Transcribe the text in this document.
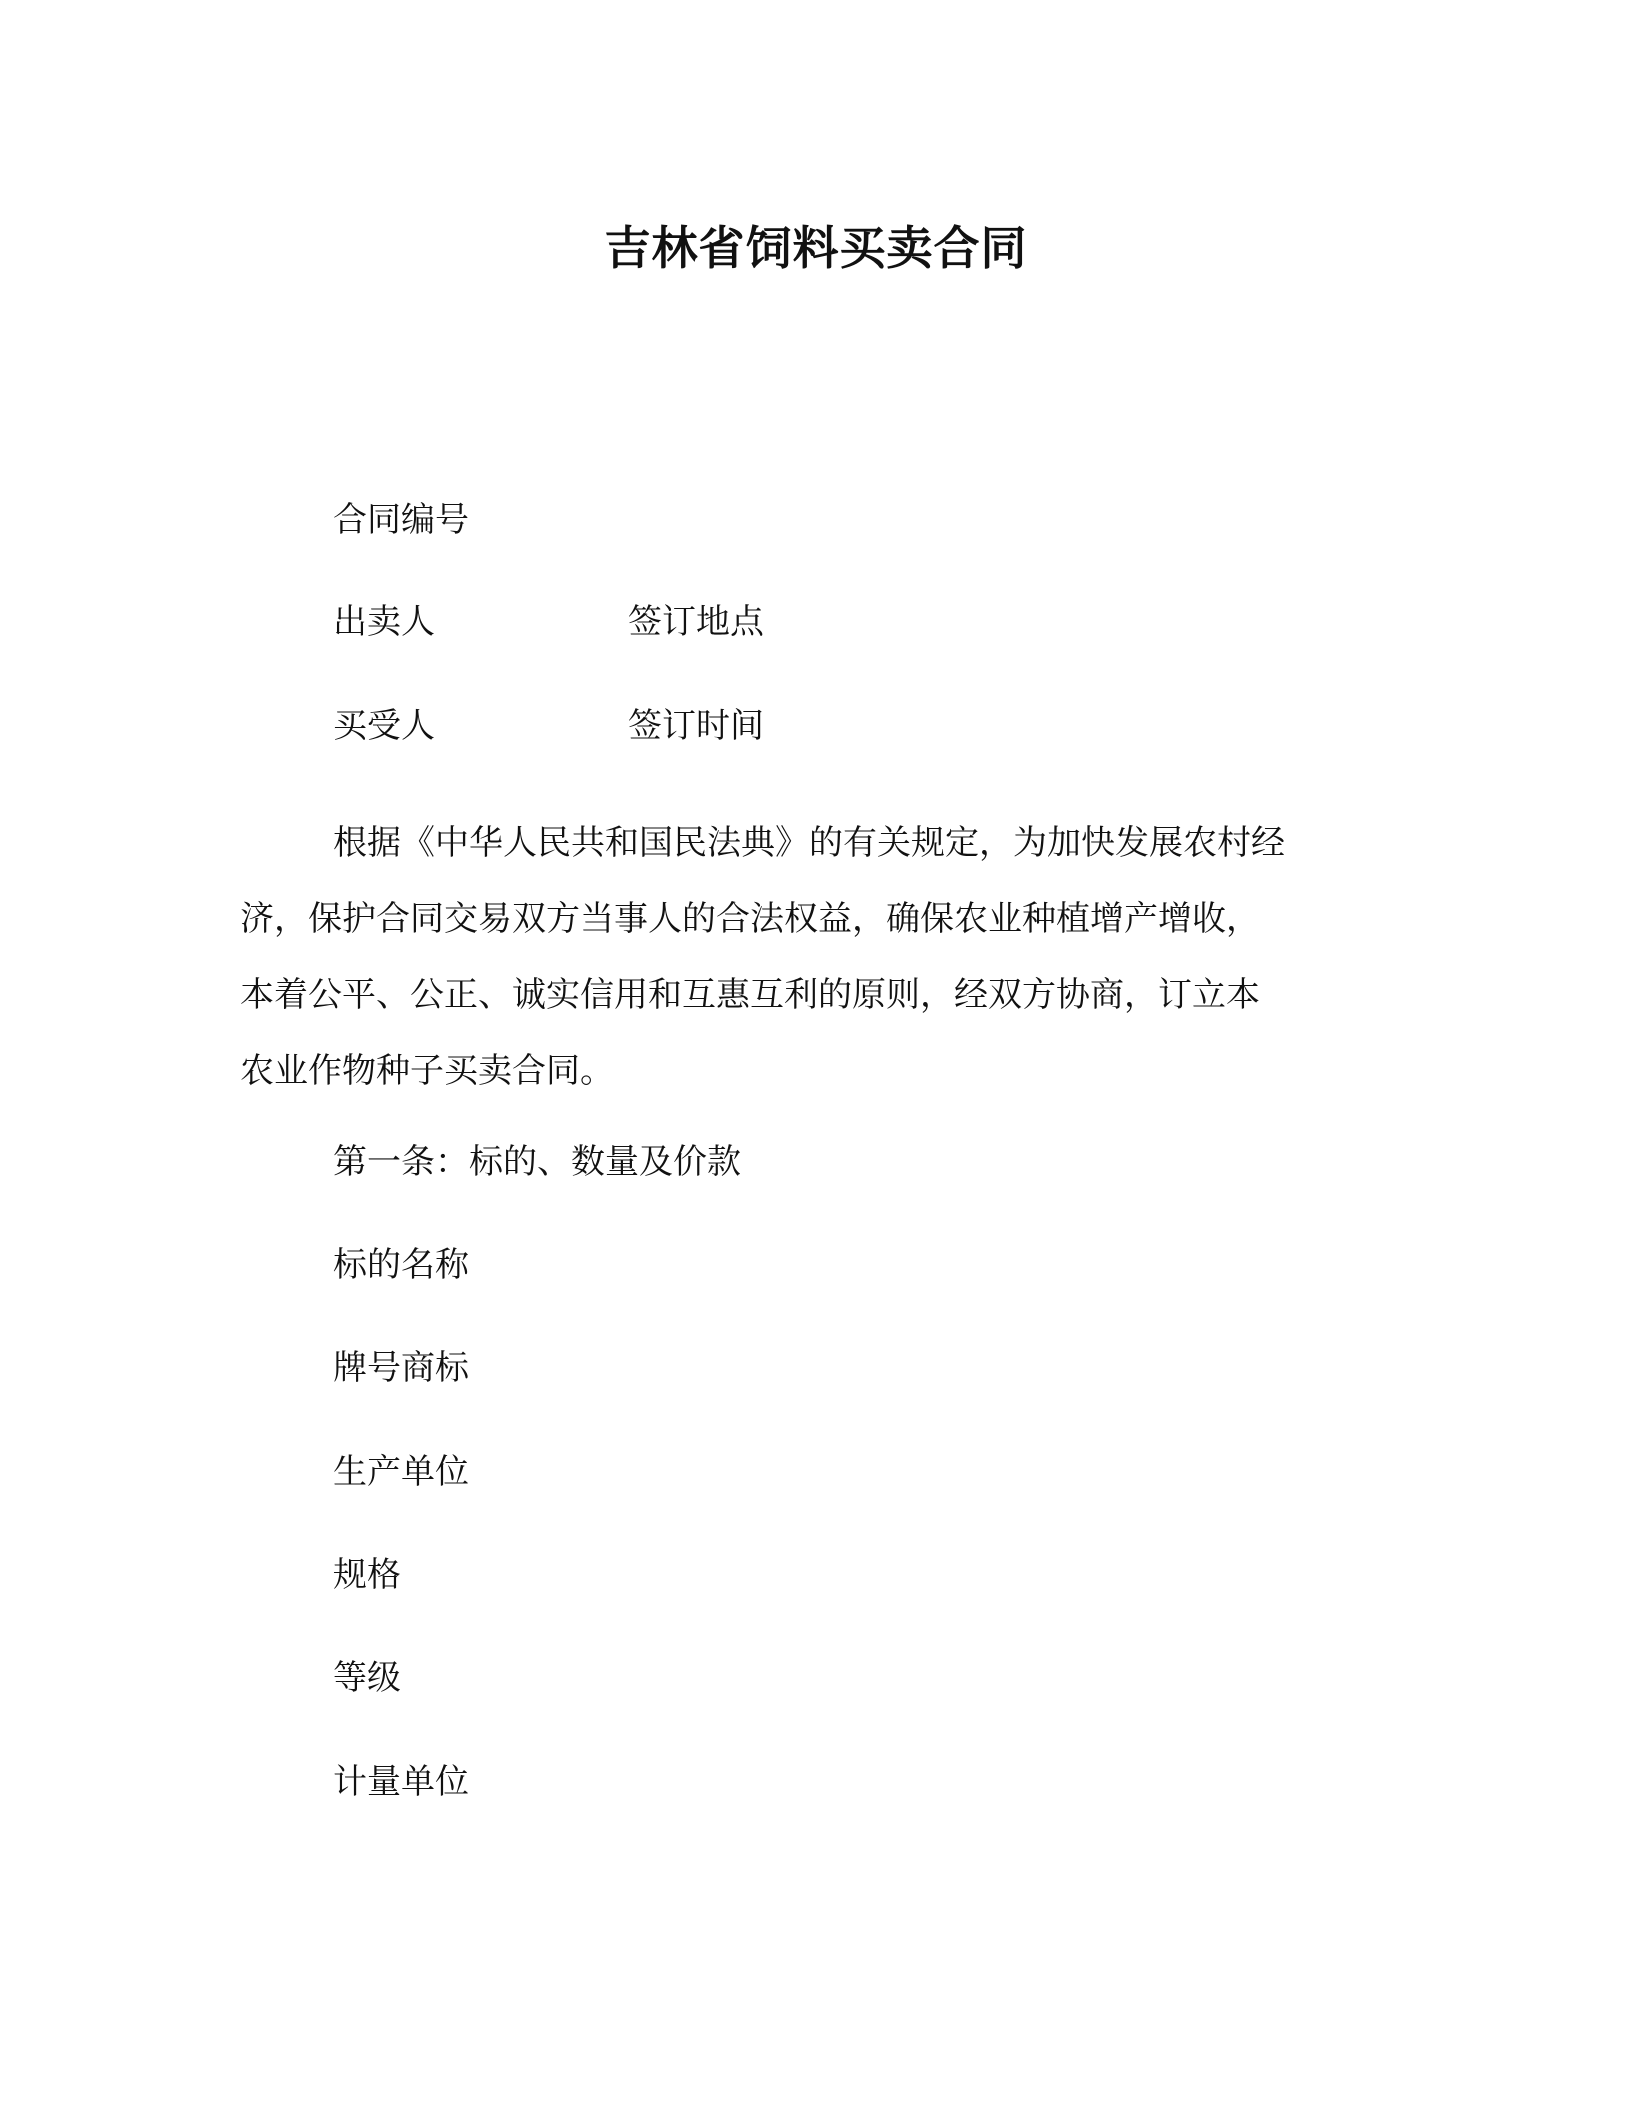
吉林省饲料买卖合同
合同编号
出卖人	签订地点
买受人	签订时间
根据《中华人民共和国民法典》的有关规定，为加快发展农村经
济，保护合同交易双方当事人的合法权益，确保农业种植增产增收，
本着公平、公正、诚实信用和互惠互利的原则，经双方协商，订立本
农业作物种子买卖合同。
第一条：标的、数量及价款
标的名称
牌号商标
生产单位
规格
等级
计量单位
